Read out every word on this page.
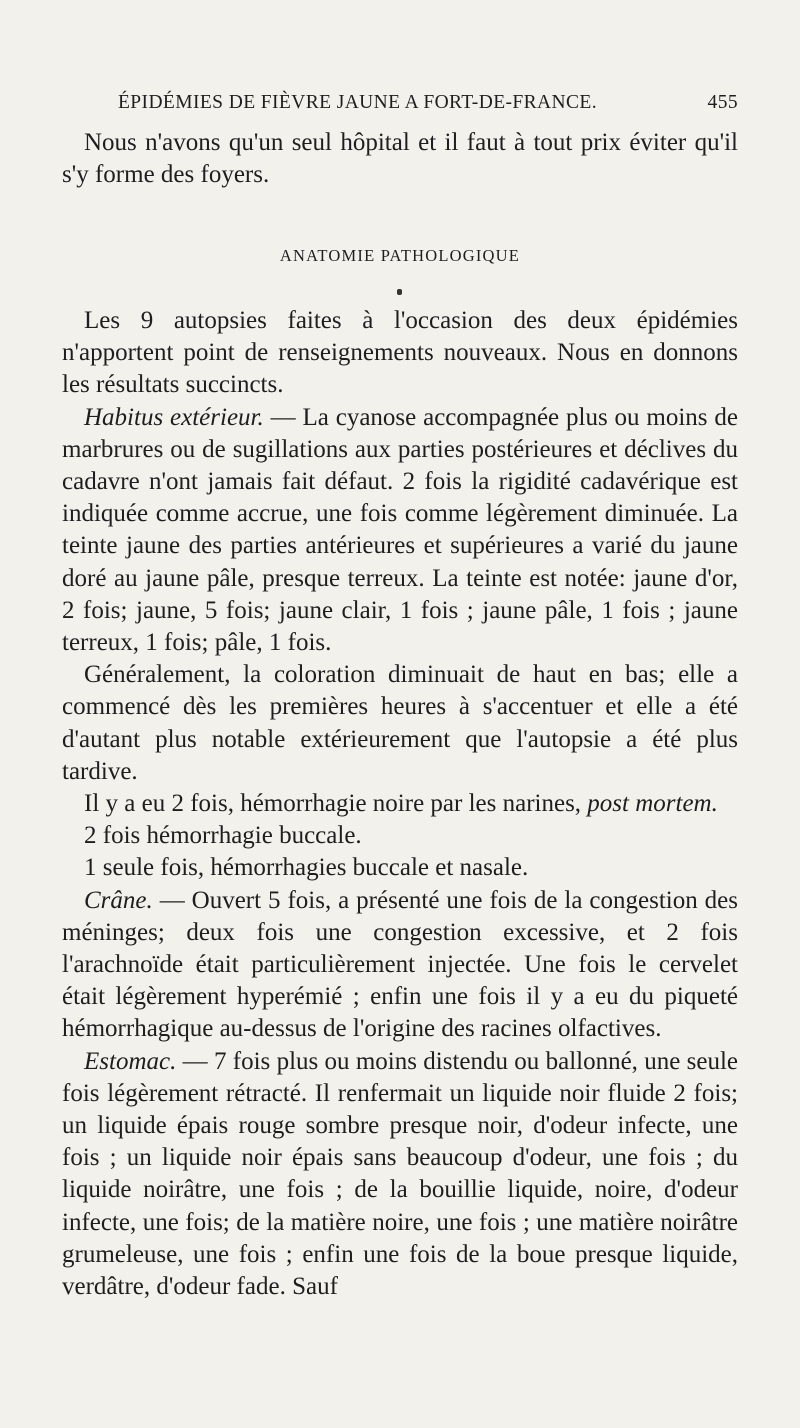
ÉPIDÉMIES DE FIÈVRE JAUNE A FORT-DE-FRANCE.	455

Nous n'avons qu'un seul hôpital et il faut à tout prix éviter qu'il s'y forme des foyers.

ANATOMIE PATHOLOGIQUE

Les 9 autopsies faites à l'occasion des deux épidémies n'apportent point de renseignements nouveaux. Nous en donnons les résultats succincts.

Habitus extérieur. — La cyanose accompagnée plus ou moins de marbrures ou de sugillations aux parties postérieures et déclives du cadavre n'ont jamais fait défaut. 2 fois la rigidité cadavérique est indiquée comme accrue, une fois comme légèrement diminuée. La teinte jaune des parties antérieures et supérieures a varié du jaune doré au jaune pâle, presque terreux. La teinte est notée: jaune d'or, 2 fois; jaune, 5 fois; jaune clair, 1 fois ; jaune pâle, 1 fois ; jaune terreux, 1 fois; pâle, 1 fois.

Généralement, la coloration diminuait de haut en bas; elle a commencé dès les premières heures à s'accentuer et elle a été d'autant plus notable extérieurement que l'autopsie a été plus tardive.

Il y a eu 2 fois, hémorrhagie noire par les narines, post mortem.

2 fois hémorrhagie buccale.

1 seule fois, hémorrhagies buccale et nasale.

Crâne. — Ouvert 5 fois, a présenté une fois de la congestion des méninges; deux fois une congestion excessive, et 2 fois l'arachnoïde était particulièrement injectée. Une fois le cervelet était légèrement hyperémié ; enfin une fois il y a eu du piqueté hémorrhagique au-dessus de l'origine des racines olfactives.

Estomac. — 7 fois plus ou moins distendu ou ballonné, une seule fois légèrement rétracté. Il renfermait un liquide noir fluide 2 fois; un liquide épais rouge sombre presque noir, d'odeur infecte, une fois ; un liquide noir épais sans beaucoup d'odeur, une fois ; du liquide noirâtre, une fois ; de la bouillie liquide, noire, d'odeur infecte, une fois; de la matière noire, une fois ; une matière noirâtre grumeleuse, une fois ; enfin une fois de la boue presque liquide, verdâtre, d'odeur fade. Sauf
